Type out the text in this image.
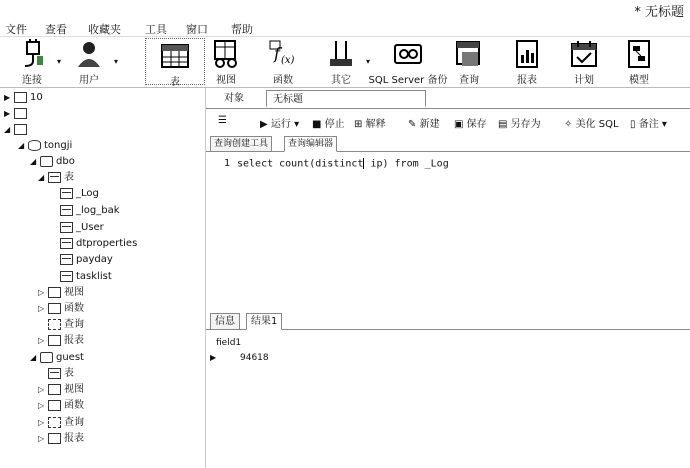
* 无标题
文件 查看 收藏夹 工具 窗口 帮助
连接
▾
用户
▾
表	视图
f (x)
函数	其它
▾
SQL Server 备份	查询	报表	计划	模型
▶ 10
▶
◢
◢ tongji
◢ dbo
◢ 表
_Log
_log_bak
_User
dtproperties
payday
tasklist
▷ 视图
▷ 函数
查询
▷ 报表
◢ guest
表
▷ 视图
▷ 函数
▷ 查询
▷ 报表
对象	无标题
☰	▶ 运行 ▾ ■ 停止 ⊞ 解释 ✎ 新建 ▣ 保存 ▤ 另存为 ✧ 美化 SQL ▯ 备注 ▾
查询创建工具	查询编辑器
1 select count(distinct ip) from _Log
信息	结果1
field1
▶	94618
